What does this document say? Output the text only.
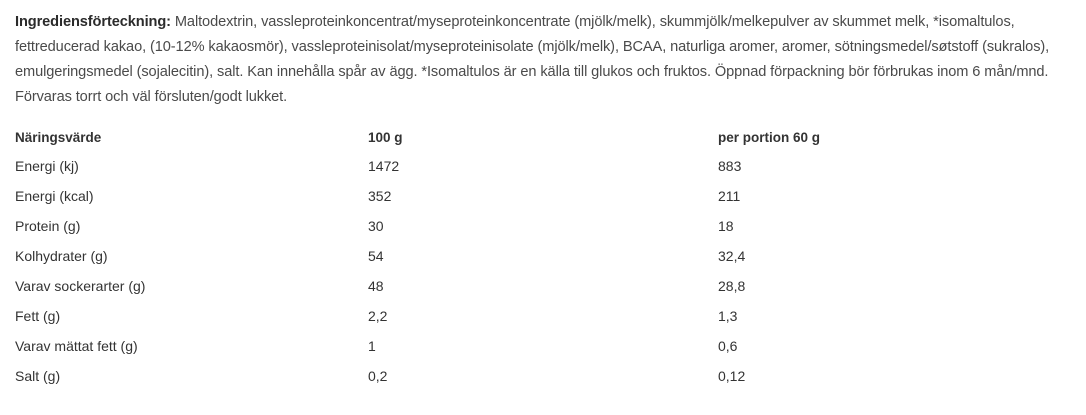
Ingrediensförteckning: Maltodextrin, vassleproteinkoncentrat/myseproteinkoncentrate (mjölk/melk), skummjölk/melkepulver av skummet melk, *isomaltulos, fettreducerad kakao, (10-12% kakaosmör), vassleproteinisolat/myseproteinisolate (mjölk/melk), BCAA, naturliga aromer, aromer, sötningsmedel/søtstoff (sukralos), emulgeringsmedel (sojalecitin), salt. Kan innehålla spår av ägg. *Isomaltulos är en källa till glukos och fruktos. Öppnad förpackning bör förbrukas inom 6 mån/mnd. Förvaras torrt och väl försluten/godt lukket.
Näringsvärde	100 g	per portion 60 g
Energi (kj)	1472	883
Energi (kcal)	352	211
Protein (g)	30	18
Kolhydrater (g)	54	32,4
Varav sockerarter (g)	48	28,8
Fett (g)	2,2	1,3
Varav mättat fett (g)	1	0,6
Salt (g)	0,2	0,12
